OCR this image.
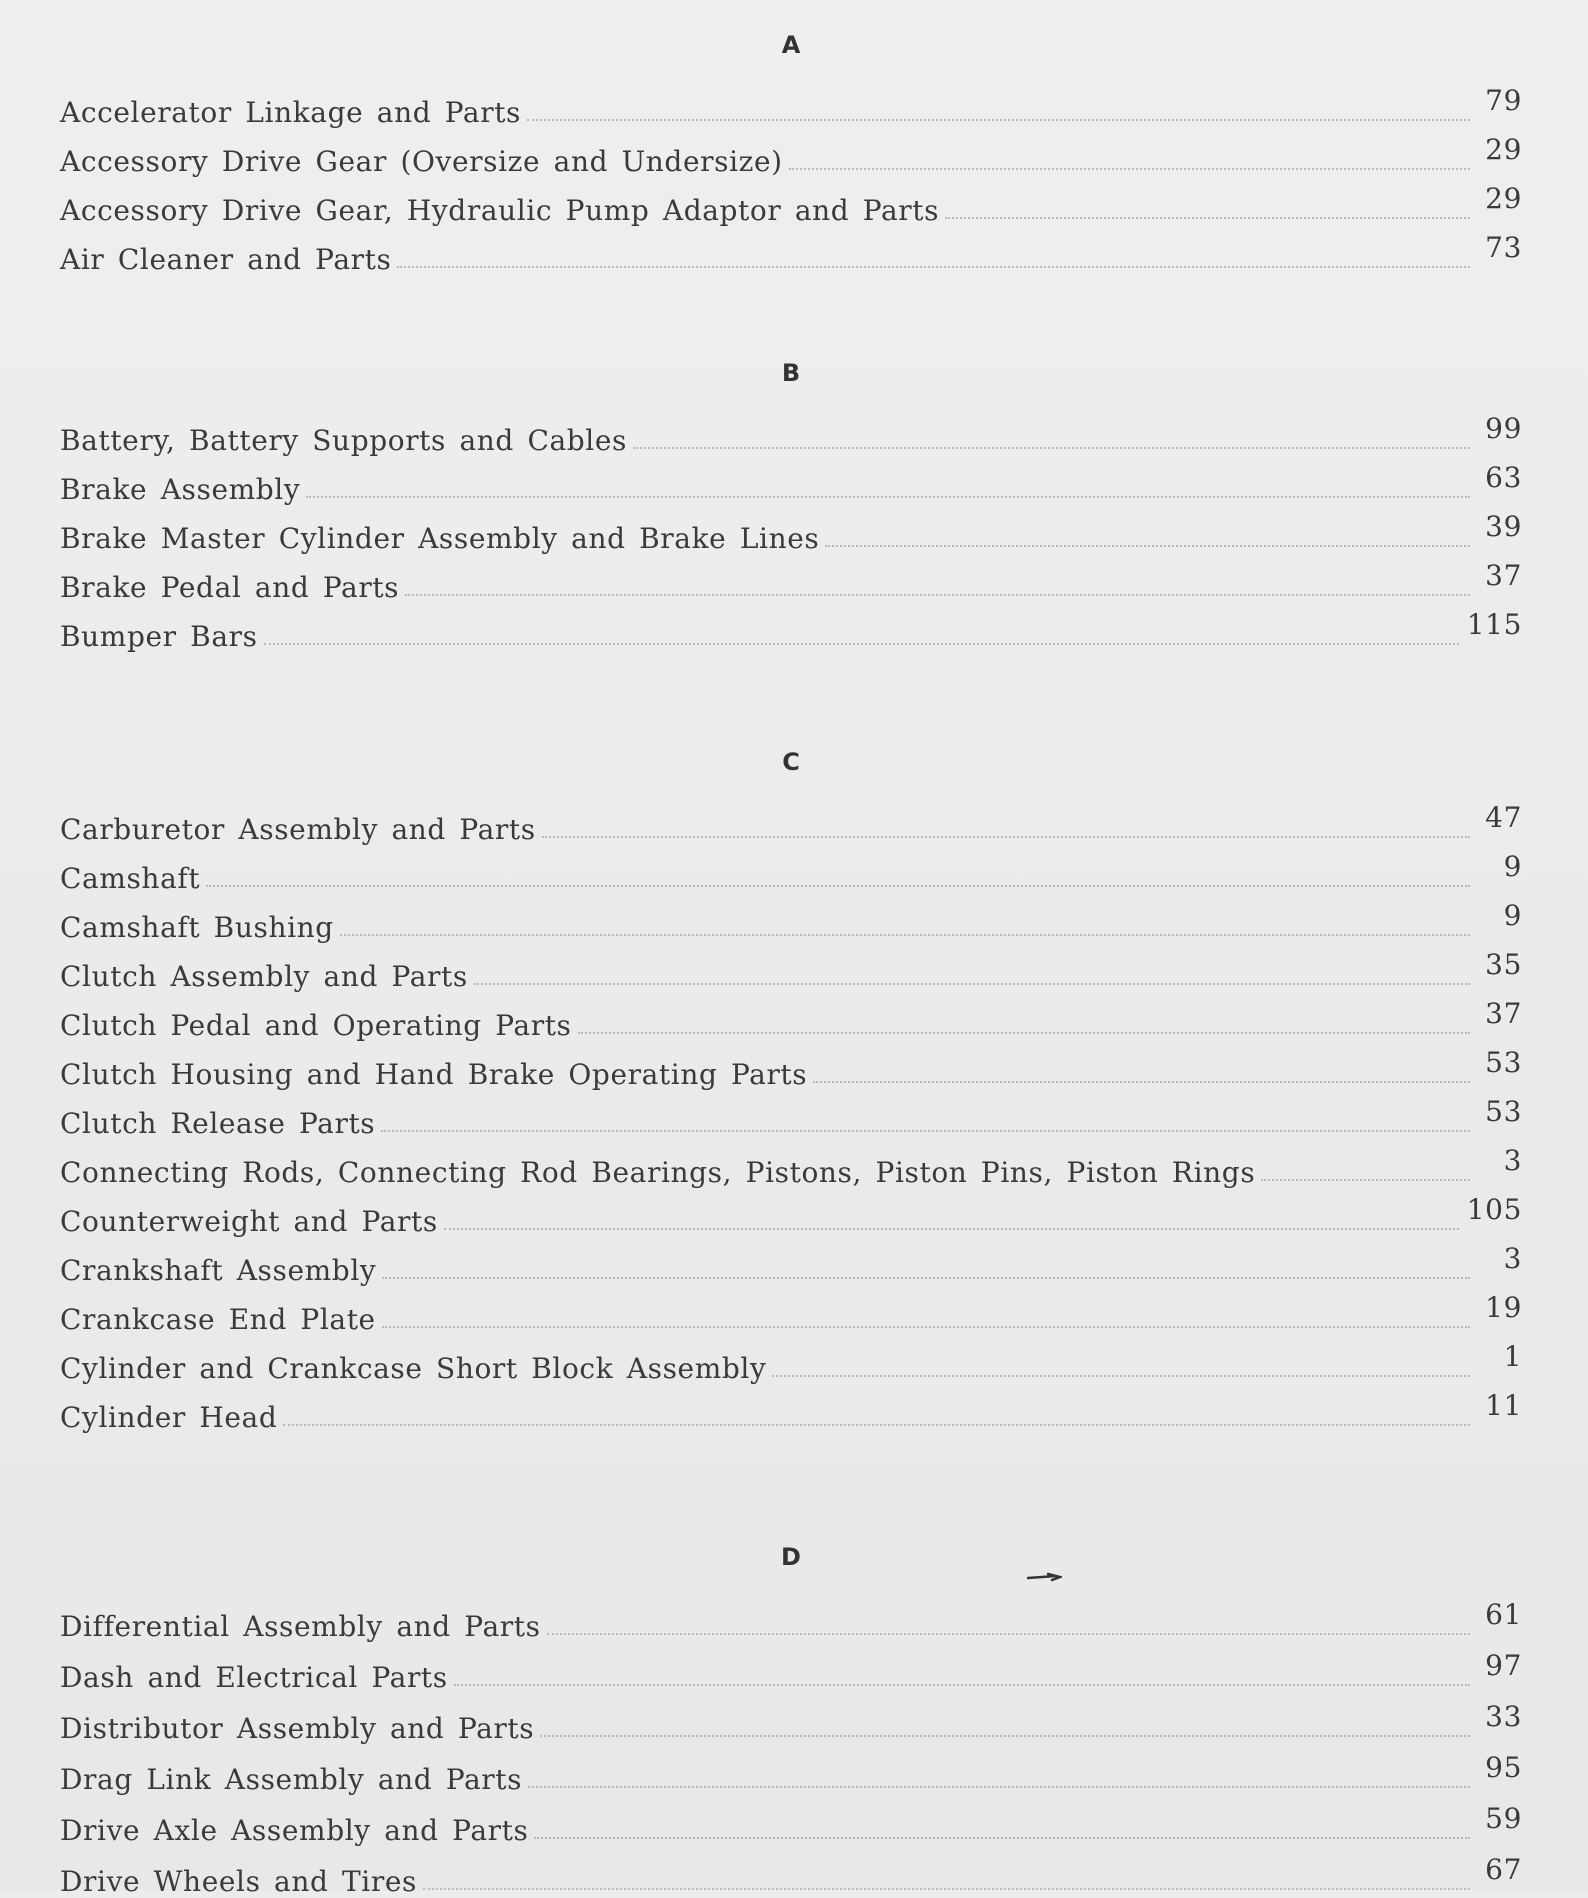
A
Accelerator Linkage and Parts	79
Accessory Drive Gear (Oversize and Undersize)	29
Accessory Drive Gear, Hydraulic Pump Adaptor and Parts	29
Air Cleaner and Parts	73
B
Battery, Battery Supports and Cables	99
Brake Assembly	63
Brake Master Cylinder Assembly and Brake Lines	39
Brake Pedal and Parts	37
Bumper Bars	115
C
Carburetor Assembly and Parts	47
Camshaft	9
Camshaft Bushing	9
Clutch Assembly and Parts	35
Clutch Pedal and Operating Parts	37
Clutch Housing and Hand Brake Operating Parts	53
Clutch Release Parts	53
Connecting Rods, Connecting Rod Bearings, Pistons, Piston Pins, Piston Rings	3
Counterweight and Parts	105
Crankshaft Assembly	3
Crankcase End Plate	19
Cylinder and Crankcase Short Block Assembly	1
Cylinder Head	11
D
Differential Assembly and Parts	61
Dash and Electrical Parts	97
Distributor Assembly and Parts	33
Drag Link Assembly and Parts	95
Drive Axle Assembly and Parts	59
Drive Wheels and Tires	67
